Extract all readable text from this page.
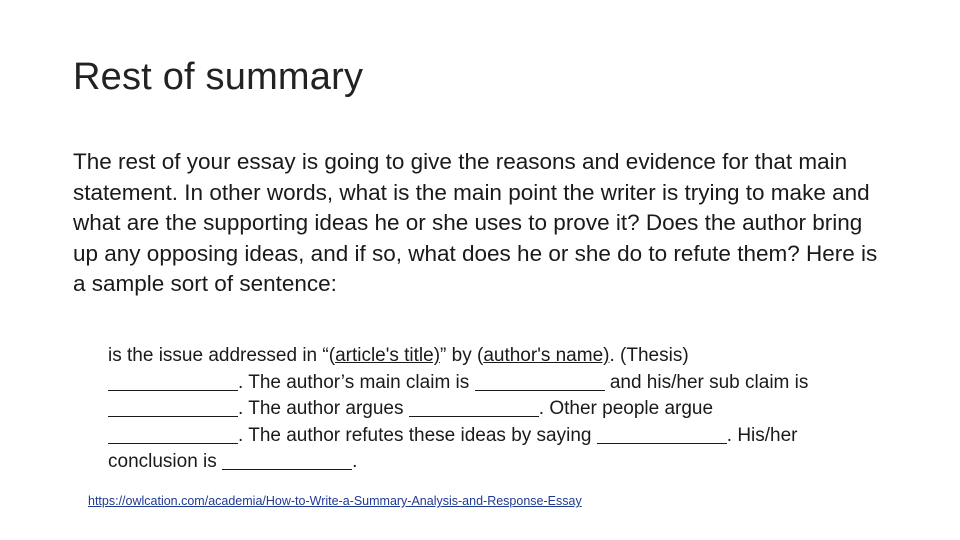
Rest of summary
The rest of your essay is going to give the reasons and evidence for that main statement. In other words, what is the main point the writer is trying to make and what are the supporting ideas he or she uses to prove it? Does the author bring up any opposing ideas, and if so, what does he or she do to refute them? Here is a sample sort of sentence:
is the issue addressed in “(article's title)” by (author's name). (Thesis)
. The author’s main claim is	and his/her sub claim is
. The author argues	. Other people argue
. The author refutes these ideas by saying	. His/her
conclusion is	.
https://owlcation.com/academia/How-to-Write-a-Summary-Analysis-and-Response-Essay
